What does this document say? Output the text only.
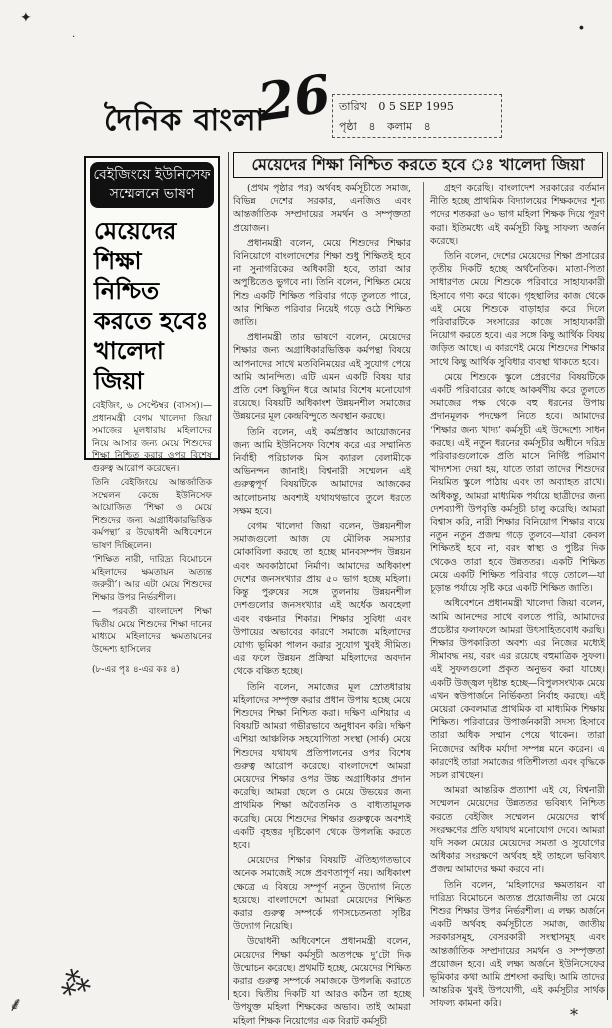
✦
·
∙
⁂
⸙	⁎
দৈনিক বাংলা
26 তারিখ 0 5 SEP 1995
পৃষ্ঠা ৪ কলাম ৪
বেইজিংয়ে ইউনিসেফ সম্মেলনে ভাষণ
মেয়েদের শিক্ষা নিশ্চিত করতে হবেঃ খালেদা জিয়া

বেইজিং, ৬ সেপ্টেম্বর (বাসস)।—প্রধানমন্ত্রী বেগম খালেদা জিয়া সমাজের মূলধারায় মহিলাদের নিয়ে আসার জন্য মেয়ে শিশুদের শিক্ষা নিশ্চিত করার ওপর বিশেষ গুরুত্ব আরোপ করেছেন।

তিনি বেইজিংয়ে আন্তর্জাতিক সম্মেলন কেন্দ্রে ইউনিসেফ আয়োজিত ‘শিক্ষা ও মেয়ে শিশুদের জন্য অগ্রাধিকারভিত্তিক কর্মপন্থা’ র উদ্বোধনী অধিবেশনে ভাষণ দিচ্ছিলেন।

‘শিক্ষিত নারী, দারিদ্র্য বিমোচনে মহিলাদের ক্ষমতায়ন অত্যন্ত জরুরী’। আর এটা মেয়ে শিশুদের শিক্ষার উপর নির্ভরশীল।

— পরবর্তী বাংলাদেশ শিক্ষা দ্বিতীয় মেয়ে শিশুদের শিক্ষা দানের মাধ্যমে মহিলাদের ক্ষমতায়নের উদ্দেশ্য হাসিলের

(৮-এর পৃঃ ৪-এর কঃ ৪)
মেয়েদের শিক্ষা নিশ্চিত করতে হবে ঃ খালেদা জিয়া

(প্রথম পৃষ্ঠার পর) অর্থবহ কর্মসূচীতে সমাজ, বিভিন্ন দেশের সরকার, এনজিও এবং আন্তর্জাতিক সম্প্রদায়ের সমর্থন ও সম্পৃক্ততা প্রয়োজন।

প্রধানমন্ত্রী বলেন, মেয়ে শিশুদের শিক্ষার বিনিয়োগে বাংলাদেশের শিক্ষা শুধু শিক্ষিতই হবে না সুনাগরিকের অধিকারী হবে, তারা আর অপুষ্টিতেও ভুগবে না। তিনি বলেন, শিক্ষিত মেয়ে শিশু একটি শিক্ষিত পরিবার গড়ে তুলতে পারে, আর শিক্ষিত পরিবার নিয়েই গড়ে ওঠে শিক্ষিত জাতি।

প্রধানমন্ত্রী তার ভাষণে বলেন, মেয়েদের শিক্ষার জন্য অগ্রাধিকারভিত্তিক কর্মপন্থা বিষয়ে আপনাদের সাথে মতবিনিময়ের এই সুযোগ পেয়ে আমি আনন্দিত। এটি এমন একটি বিষয় যার প্রতি বেশ কিছুদিন ধরে আমার বিশেষ মনোযোগ রয়েছে। বিষয়টি অধিকাংশ উন্নয়নশীল সমাজের উন্নয়নের মূল কেন্দ্রবিন্দুতে অবস্থান করছে।

তিনি বলেন, এই কর্মপ্রস্তাব আয়োজনের জন্য আমি ইউনিসেফ বিশেষ করে এর সম্মানিত নির্বাহী পরিচালক মিস ক্যারল বেলামীকে অভিনন্দন জানাই। বিশ্বনারী সম্মেলন এই গুরুত্বপূর্ণ বিষয়টিকে আমাদের আজকের আলোচনায় অবশ্যই যথাযথভাবে তুলে ধরতে সক্ষম হবে।

বেগম খালেদা জিয়া বলেন, উন্নয়নশীল সমাজগুলো আজ যে মৌলিক সমস্যার মোকাবিলা করছে তা হচ্ছে মানবসম্পদ উন্নয়ন এবং অবকাঠামো নির্মাণ। আমাদের অধিকাংশ দেশের জনসংখ্যার প্রায় ৫০ ভাগ হচ্ছে মহিলা। কিন্তু পুরুষের সঙ্গে তুলনায় উন্নয়নশীল দেশগুলোর জনসংখ্যার এই অর্ধেক অবহেলা এবং বঞ্চনার শিকার। শিক্ষার সুবিধা এবং উপায়ের অভাবের কারণে সমাজে মহিলাদের যোগ্য ভূমিকা পালন করার সুযোগ খুবই সীমিত। এর ফলে উন্নয়ন প্রক্রিয়া মহিলাদের অবদান থেকে বঞ্চিত হচ্ছে।

তিনি বলেন, সমাজের মূল স্রোতধারায় মহিলাদের সম্পৃক্ত করার প্রধান উপায় হচ্ছে মেয়ে শিশুদের শিক্ষা নিশ্চিত করা। দক্ষিণ এশিয়ার এ বিষয়টি আমরা গভীরভাবে অনুধাবন করি। দক্ষিণ এশিয়া আঞ্চলিক সহযোগিতা সংস্থা (সার্ক) মেয়ে শিশুদের যথাযথ প্রতিপালনের ওপর বিশেষ গুরুত্ব আরোপ করেছে। বাংলাদেশে আমরা মেয়েদের শিক্ষার ওপর উচ্চ অগ্রাধিকার প্রদান করেছি। আমরা ছেলে ও মেয়ে উভয়ের জন্য প্রাথমিক শিক্ষা অবৈতনিক ও বাধ্যতামূলক করেছি। মেয়ে শিশুদের শিক্ষার গুরুত্বকে অবশ্যই একটি বৃহত্তর দৃষ্টিকোণ থেকে উপলব্ধি করতে হবে।

মেয়েদের শিক্ষার বিষয়টি ঐতিহ্যগতভাবে অনেক সমাজেই সঙ্গে প্রবণতাপূর্ণ নয়। অধিকাংশ ক্ষেত্রে এ বিষয়ে সম্পূর্ণ নতুন উদ্যোগ নিতে হয়েছে। বাংলাদেশে আমরা মেয়েদের শিক্ষিত করার গুরুত্ব সম্পর্কে গণসচেতনতা সৃষ্টির উদ্যোগ নিয়েছি।

উদ্বোধনী অধিবেশনে প্রধানমন্ত্রী বলেন, মেয়েদের শিক্ষা কর্মসূচী অতপক্ষে দু’টো দিক উন্মোচন করেছে। প্রথমটি হচ্ছে, মেয়েদের শিক্ষিত করার গুরুত্ব সম্পর্কে সমাজকে উপলব্ধি করাতে হবে। দ্বিতীয় দিকটি যা আরও কঠিন তা হচ্ছে উপযুক্ত মহিলা শিক্ষকের অভাব। তাই আমরা মহিলা শিক্ষক নিয়োগের এক বিরাট কর্মসূচী

গ্রহণ করেছি। বাংলাদেশ সরকারের বর্তমান নীতি হচ্ছে প্রাথমিক বিদ্যালয়ের শিক্ষকদের শূন্য পদের শতকরা ৬০ ভাগ মহিলা শিক্ষক দিয়ে পূরণ করা। ইতিমধ্যে এই কর্মসূচী কিছু সাফল্য অর্জন করেছে।

তিনি বলেন, দেশের মেয়েদের শিক্ষা প্রসারের তৃতীয় দিকটি হচ্ছে অর্থনৈতিক। মাতা-পিতা সাধারণত মেয়ে শিশুকে পরিবারে সাহায্যকারী হিসাবে গণ্য করে থাকে। গৃহস্থালির কাজ থেকে এই মেয়ে শিশুকে বাড়াহার করে দিলে পরিবারটিকে সংসারের কাজে সাহায্যকারী নিয়োগ করতে হবে। এর সঙ্গে কিছু আর্থিক বিষয় জড়িত আছে। এ কারণেই মেয়ে শিশুদের শিক্ষার সাথে কিছু আর্থিক সুবিধার ব্যবস্থা থাকতে হবে।

মেয়ে শিশুকে স্কুলে প্রেরণের বিষয়টিকে একটি পরিবারের কাছে আকর্ষণীয় করে তুলতে সমাজের পক্ষ থেকে বহু ধরনের উপায় প্রদানমূলক পদক্ষেপ নিতে হবে। আমাদের ‘শিক্ষার জন্য খাদ্য’ কর্মসূচী এই উদ্দেশ্যে সাধন করছে। এই নতুন ধরনের কর্মসূচীর অধীনে দরিদ্র পরিবারগুলোকে প্রতি মাসে নির্দিষ্ট পরিমাণ খাদ্যশস্য দেয়া হয়, যাতে তারা তাদের শিশুদের নিয়মিত স্কুলে পাঠায় এবং তা অব্যাহত রাখে। অধিকন্তু, আমরা মাধ্যমিক পর্যায়ে ছাত্রীদের জন্য দেশব্যাপী উপবৃত্তি কর্মসূচী চালু করেছি। আমরা বিশ্বাস করি, নারী শিক্ষার বিনিয়োগ শিক্ষার ব্যয়ে নতুন নতুন প্রজন্ম গড়ে তুলবে—যারা কেবল শিক্ষিতই হবে না, বরং স্বাস্থ্য ও পুষ্টির দিক থেকেও তারা হবে উন্নততর। একটি শিক্ষিত মেয়ে একটি শিক্ষিত পরিবার গড়ে তোলে—যা চূড়ান্ত পর্যায়ে সৃষ্টি করে একটি শিক্ষিত জাতি।

অধিবেশনে প্রধানমন্ত্রী খালেদা জিয়া বলেন, আমি আনন্দের সাথে বলতে পারি, আমাদের প্রচেষ্টার ফলাফলে আমরা উৎসাহিতবোধ করছি। শিক্ষার উপকারিতা অবশ্য এর নিজের মধ্যেই সীমাবদ্ধ নয়, বরং এর রয়েছে বহুমাত্রিক সুফল। এই সুফলগুলো প্রকৃত অনুভব করা যাচ্ছে। একটি উজ্জ্বল দৃষ্টান্ত হচ্ছে—বিপুলসংখ্যক মেয়ে এখন স্বউপার্জনে নির্ভিকতা নির্বাহ করছে। এই মেয়েরা কেবলমাত্র প্রাথমিক বা মাধ্যমিক শিক্ষায় শিক্ষিত। পরিবারের উপার্জনকারী সদস্য হিসাবে তারা অধিক সম্মান পেয়ে থাকেন। তারা নিজেদের অধিক মর্যাদা সম্পন্ন মনে করেন। এ কারণেই তারা সমাজের গতিশীলতা এবং বৃদ্ধিকে সচল রাখছেন।

আমরা আন্তরিক প্রত্যাশা এই যে, বিশ্বনারী সম্মেলন মেয়েদের উন্নততর ভবিষ্যৎ নিশ্চিত করতে বেইজিং সম্মেলন মেয়েদের স্বার্থ সংরক্ষণের প্রতি যথাযথ মনোযোগ দেবে। আমরা যদি সকল মেয়ের মেয়েদের সমতা ও সুযোগের অধিকার সংরক্ষণে অর্থবহ হই তাহলে ভবিষ্যৎ প্রজন্ম আমাদের ক্ষমা করবে না।

তিনি বলেন, ‘মহিলাদের ক্ষমতায়ন বা দারিদ্র্য বিমোচনে অত্যন্ত প্রয়োজনীয় তা মেয়ে শিশুর শিক্ষার উপর নির্ভরশীল। এ লক্ষ্য অর্জনে একটি অর্থবহ কর্মসূচীতে সমাজ, জাতীয় সরকারসমূহ, বেসরকারী সংস্থাসমূহ এবং আন্তর্জাতিক সম্প্রদায়ের সমর্থন ও সম্পৃক্ততা প্রয়োজন হবে। এই লক্ষ্য অর্জনে ইউনিসেফের ভূমিকার কথা আমি প্রশংসা করছি। আমি তাদের আন্তরিক খুবই উপযোগী, এই কর্মসূচীর সার্থক সাফল্য কামনা করি।
